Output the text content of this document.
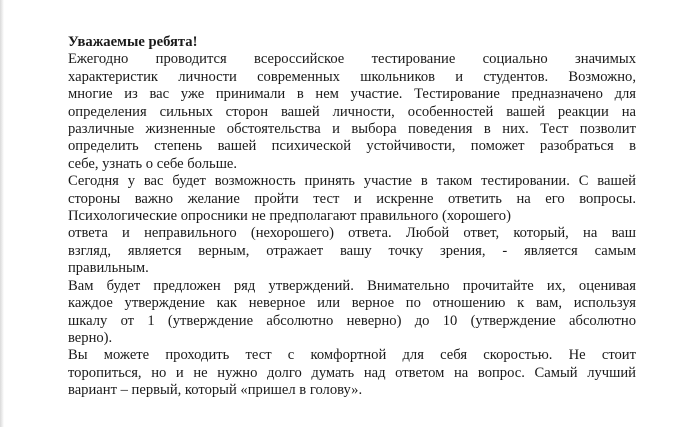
Уважаемые ребята!

Ежегодно проводится всероссийское тестирование социально значимых
характеристик личности современных школьников и студентов. Возможно,
многие из вас уже принимали в нем участие. Тестирование предназначено для
определения сильных сторон вашей личности, особенностей вашей реакции на
различные жизненные обстоятельства и выбора поведения в них. Тест позволит
определить степень вашей психической устойчивости, поможет разобраться в
себе, узнать о себе больше.
Сегодня у вас будет возможность принять участие в таком тестировании. С вашей
стороны важно желание пройти тест и искренне ответить на его вопросы.
Психологические опросники не предполагают правильного (хорошего)
ответа и неправильного (нехорошего) ответа. Любой ответ, который, на ваш
взгляд, является верным, отражает вашу точку зрения, - является самым
правильным.
Вам будет предложен ряд утверждений. Внимательно прочитайте их, оценивая
каждое утверждение как неверное или верное по отношению к вам, используя
шкалу от 1 (утверждение абсолютно неверно) до 10 (утверждение абсолютно
верно).
Вы можете проходить тест с комфортной для себя скоростью. Не стоит
торопиться, но и не нужно долго думать над ответом на вопрос. Самый лучший
вариант – первый, который «пришел в голову».
